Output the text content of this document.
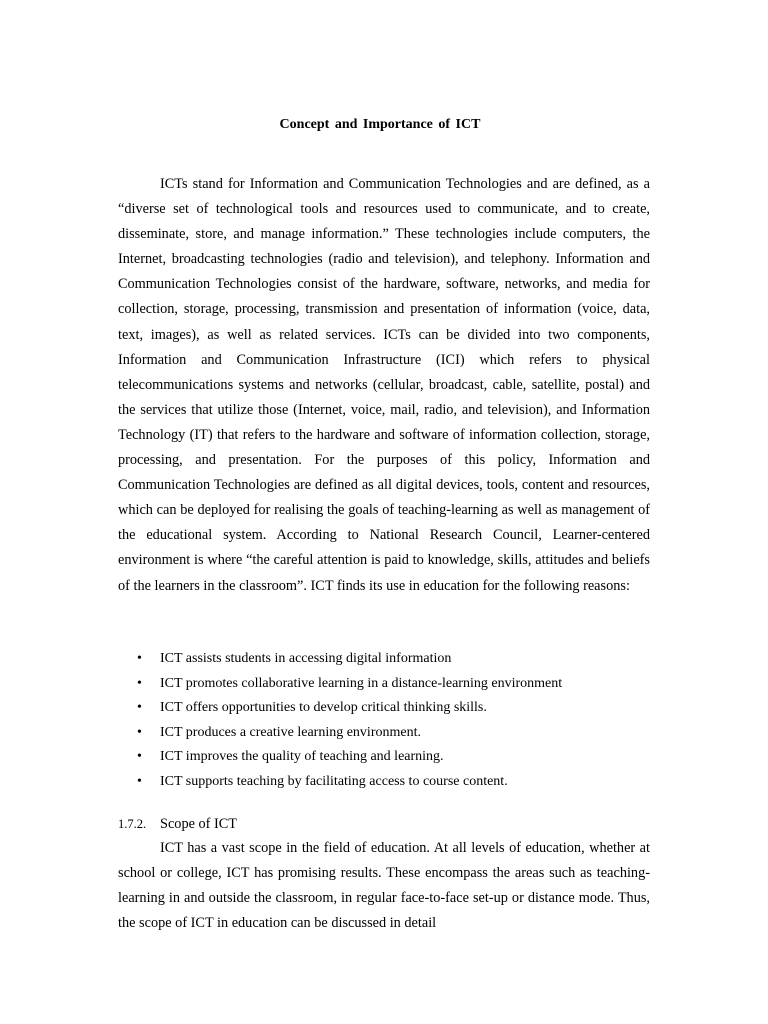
Concept and Importance of ICT

ICTs stand for Information and Communication Technologies and are defined, as a “diverse set of technological tools and resources used to communicate, and to create, disseminate, store, and manage information.” These technologies include computers, the Internet, broadcasting technologies (radio and television), and telephony. Information and Communication Technologies consist of the hardware, software, networks, and media for collection, storage, processing, transmission and presentation of information (voice, data, text, images), as well as related services. ICTs can be divided into two components, Information and Communication Infrastructure (ICI) which refers to physical telecommunications systems and networks (cellular, broadcast, cable, satellite, postal) and the services that utilize those (Internet, voice, mail, radio, and television), and Information Technology (IT) that refers to the hardware and software of information collection, storage, processing, and presentation. For the purposes of this policy, Information and Communication Technologies are defined as all digital devices, tools, content and resources, which can be deployed for realising the goals of teaching-learning as well as management of the educational system. According to National Research Council, Learner-centered environment is where “the careful attention is paid to knowledge, skills, attitudes and beliefs of the learners in the classroom”. ICT finds its use in education for the following reasons:

• ICT assists students in accessing digital information
• ICT promotes collaborative learning in a distance-learning environment
• ICT offers opportunities to develop critical thinking skills.
• ICT produces a creative learning environment.
• ICT improves the quality of teaching and learning.
• ICT supports teaching by facilitating access to course content.
1.7.2. Scope of ICT

ICT has a vast scope in the field of education. At all levels of education, whether at school or college, ICT has promising results. These encompass the areas such as teaching- learning in and outside the classroom, in regular face-to-face set-up or distance mode. Thus, the scope of ICT in education can be discussed in detail
